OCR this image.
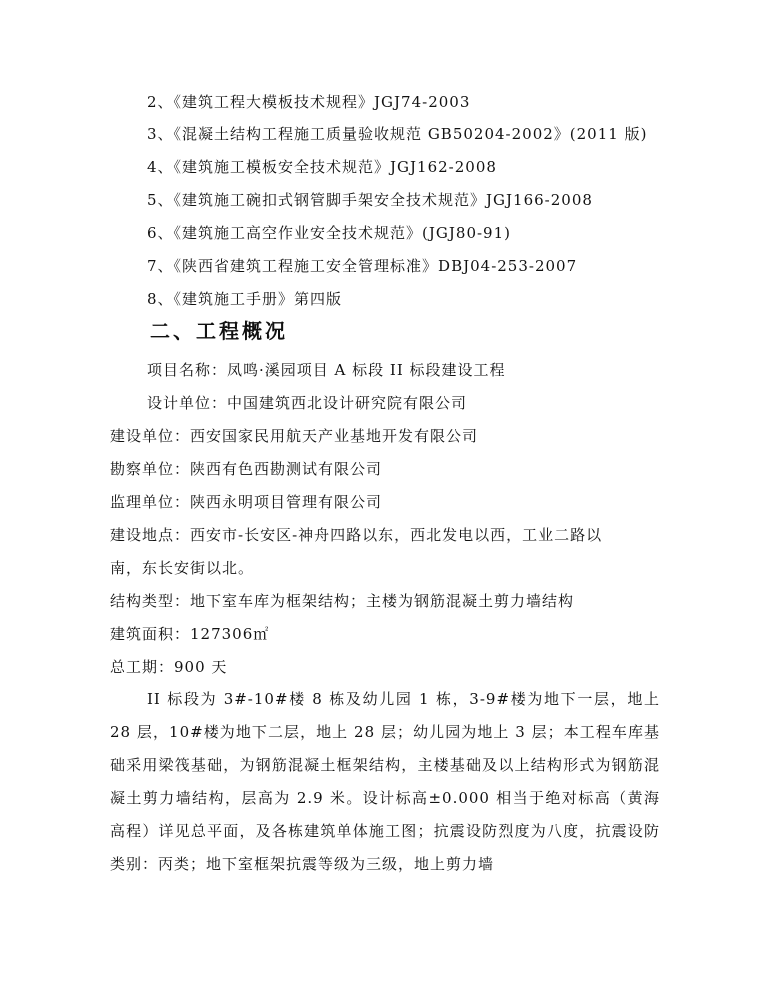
2、《建筑工程大模板技术规程》JGJ74-2003
3、《混凝土结构工程施工质量验收规范 GB50204-2002》(2011 版)
4、《建筑施工模板安全技术规范》JGJ162-2008
5、《建筑施工碗扣式钢管脚手架安全技术规范》JGJ166-2008
6、《建筑施工高空作业安全技术规范》(JGJ80-91)
7、《陕西省建筑工程施工安全管理标准》DBJ04-253-2007
8、《建筑施工手册》第四版
二、工程概况
项目名称：凤鸣·溪园项目 A 标段 II 标段建设工程
设计单位：中国建筑西北设计研究院有限公司
建设单位：西安国家民用航天产业基地开发有限公司
勘察单位：陕西有色西勘测试有限公司
监理单位：陕西永明项目管理有限公司
建设地点：西安市-长安区-神舟四路以东，西北发电以西，工业二路以
南，东长安街以北。
结构类型：地下室车库为框架结构；主楼为钢筋混凝土剪力墙结构
建筑面积：127306㎡
总工期：900 天
II 标段为 3#-10#楼 8 栋及幼儿园 1 栋，3-9#楼为地下一层，地上 28 层，10#楼为地下二层，地上 28 层；幼儿园为地上 3 层；本工程车库基础采用梁筏基础，为钢筋混凝土框架结构，主楼基础及以上结构形式为钢筋混凝土剪力墙结构，层高为 2.9 米。设计标高±0.000 相当于绝对标高（黄海高程）详见总平面，及各栋建筑单体施工图；抗震设防烈度为八度，抗震设防类别：丙类；地下室框架抗震等级为三级，地上剪力墙
